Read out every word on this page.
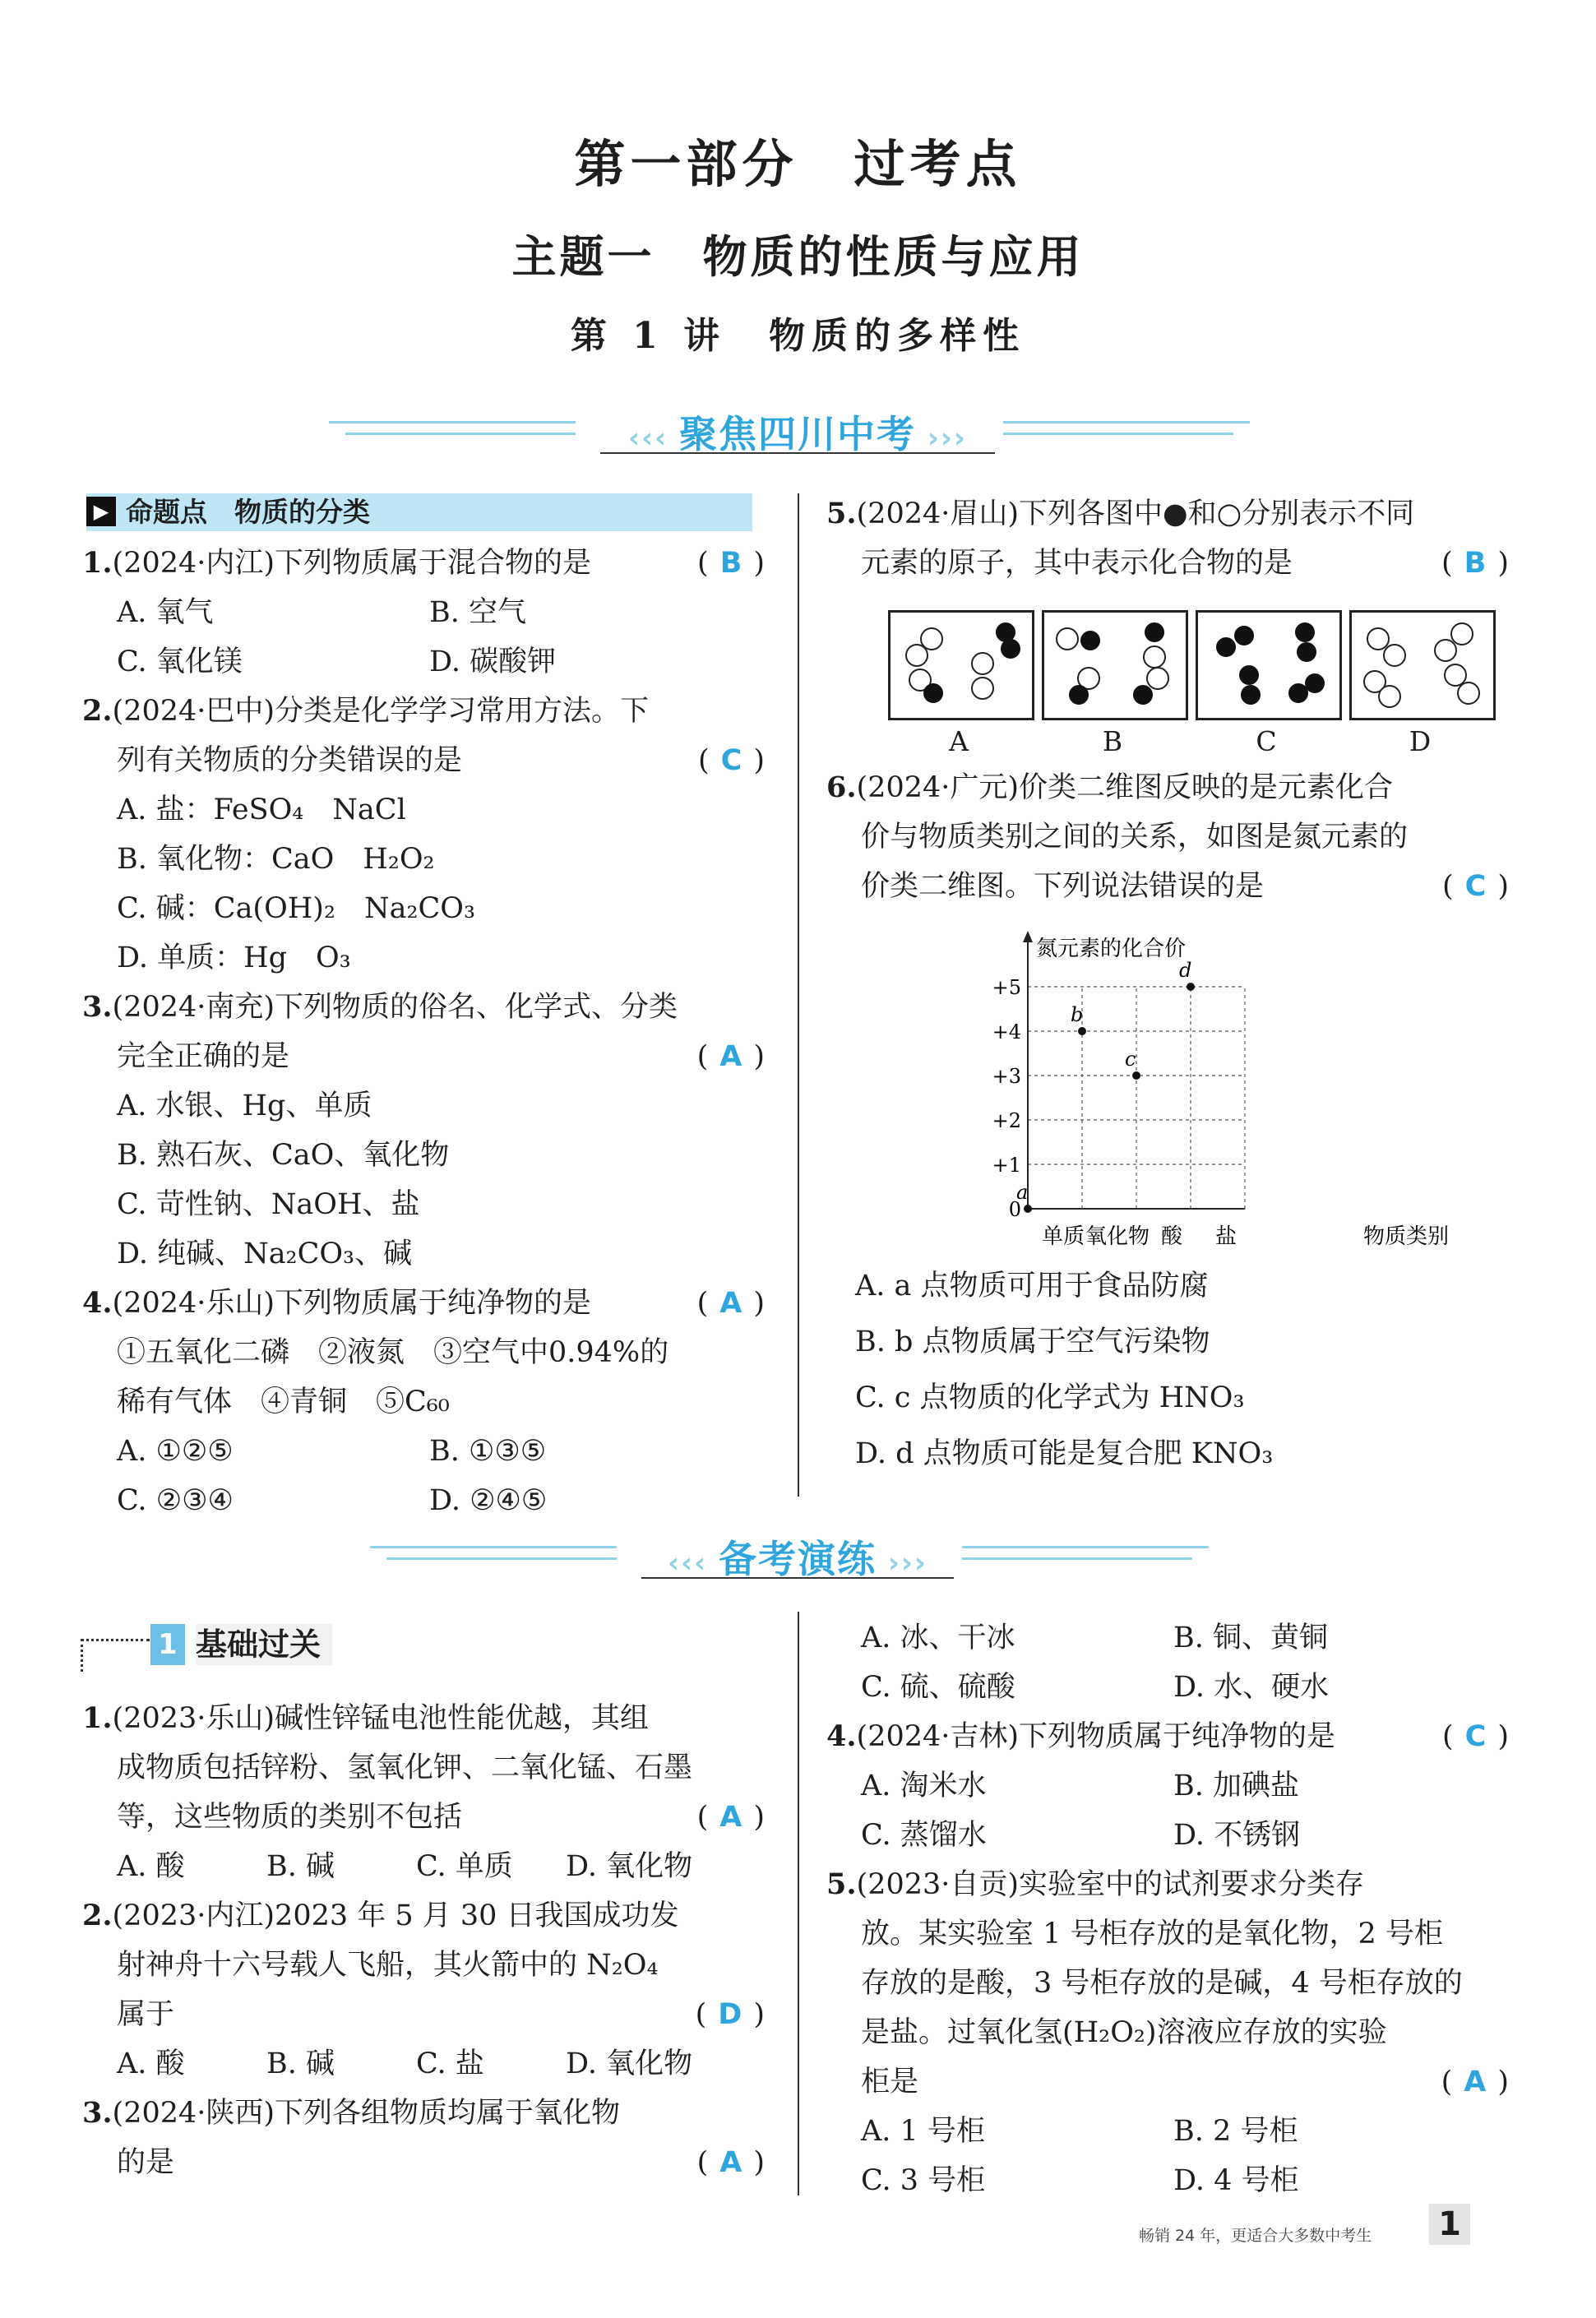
第一部分　过考点
主题一　物质的性质与应用
第 1 讲　物质的多样性
‹‹‹ 聚焦四川中考 ›››
▶ 命题点　物质的分类
1.(2024·内江)下列物质属于混合物的是	( B )
A. 氧气	B. 空气
C. 氧化镁	D. 碳酸钾
2.(2024·巴中)分类是化学学习常用方法。下
列有关物质的分类错误的是	( C )
A. 盐：FeSO₄　NaCl
B. 氧化物：CaO　H₂O₂
C. 碱：Ca(OH)₂　Na₂CO₃
D. 单质：Hg　O₃
3.(2024·南充)下列物质的俗名、化学式、分类
完全正确的是	( A )
A. 水银、Hg、单质
B. 熟石灰、CaO、氧化物
C. 苛性钠、NaOH、盐
D. 纯碱、Na₂CO₃、碱
4.(2024·乐山)下列物质属于纯净物的是	( A )
①五氧化二磷　②液氮　③空气中0.94%的
稀有气体　④青铜　⑤C₆₀
A. ①②⑤	B. ①③⑤
C. ②③④	D. ②④⑤
5.(2024·眉山)下列各图中●和○分别表示不同
元素的原子，其中表示化合物的是	( B )
A	B	C	D
6.(2024·广元)价类二维图反映的是元素化合
价与物质类别之间的关系，如图是氮元素的
价类二维图。下列说法错误的是	( C )
氮元素的化合价
0
+1
+2
+3
+4
+5
单质 氧化物 酸 盐	物质类别
a
b
c
d
A. a 点物质可用于食品防腐
B. b 点物质属于空气污染物
C. c 点物质的化学式为 HNO₃
D. d 点物质可能是复合肥 KNO₃
‹‹‹ 备考演练 ›››
1 基础过关
1.(2023·乐山)碱性锌锰电池性能优越，其组
成物质包括锌粉、氢氧化钾、二氧化锰、石墨
等，这些物质的类别不包括	( A )
A. 酸	B. 碱	C. 单质	D. 氧化物
2.(2023·内江)2023 年 5 月 30 日我国成功发
射神舟十六号载人飞船，其火箭中的 N₂O₄
属于	( D )
A. 酸	B. 碱	C. 盐	D. 氧化物
3.(2024·陕西)下列各组物质均属于氧化物
的是	( A )
A. 冰、干冰	B. 铜、黄铜
C. 硫、硫酸	D. 水、硬水
4.(2024·吉林)下列物质属于纯净物的是	( C )
A. 淘米水	B. 加碘盐
C. 蒸馏水	D. 不锈钢
5.(2023·自贡)实验室中的试剂要求分类存
放。某实验室 1 号柜存放的是氧化物，2 号柜
存放的是酸，3 号柜存放的是碱，4 号柜存放的
是盐。过氧化氢(H₂O₂)溶液应存放的实验
柜是	( A )
A. 1 号柜	B. 2 号柜
C. 3 号柜	D. 4 号柜
畅销 24 年，更适合大多数中考生 1
